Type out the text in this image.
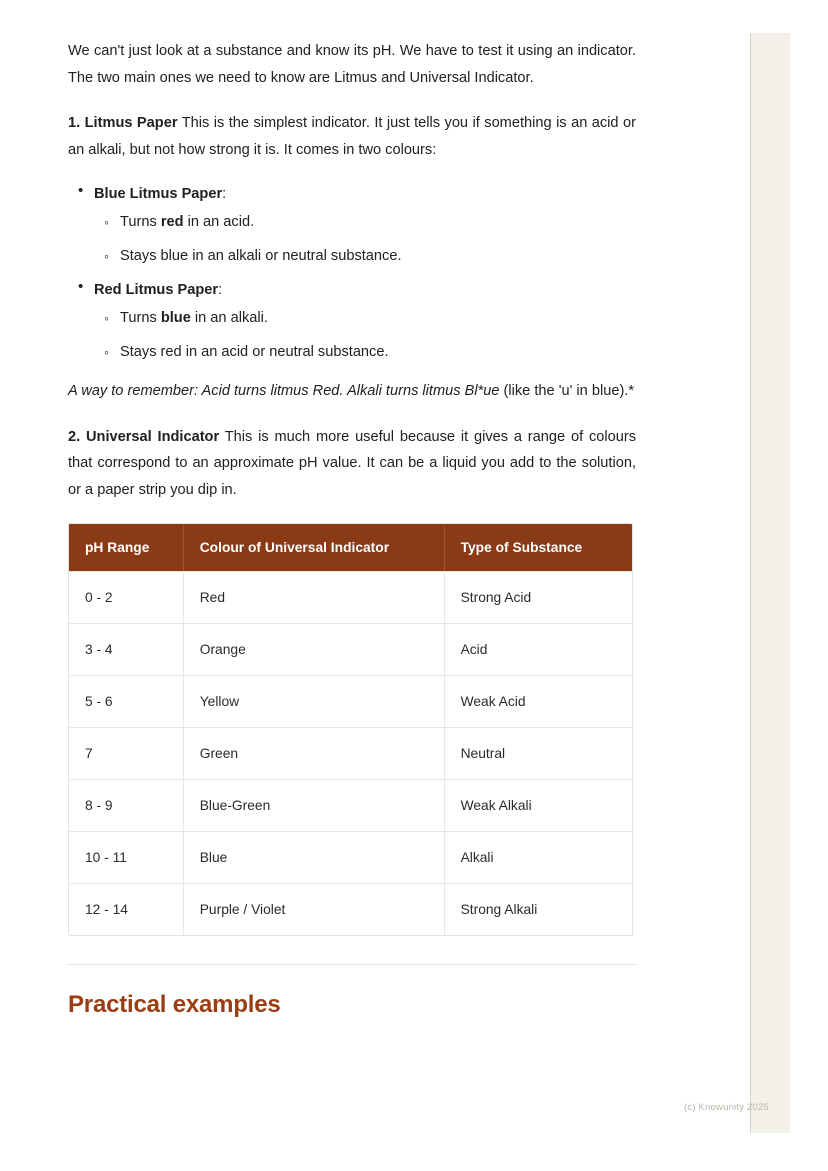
(c) Knowunity 2025

We can't just look at a substance and know its pH. We have to test it using an indicator. The two main ones we need to know are Litmus and Universal Indicator.

1. Litmus Paper This is the simplest indicator. It just tells you if something is an acid or an alkali, but not how strong it is. It comes in two colours:

• Blue Litmus Paper:
◦ Turns red in an acid.
◦ Stays blue in an alkali or neutral substance.
• Red Litmus Paper:
◦ Turns blue in an alkali.
◦ Stays red in an acid or neutral substance.

A way to remember: Acid turns litmus Red. Alkali turns litmus Bl*ue (like the 'u' in blue).*

2. Universal Indicator This is much more useful because it gives a range of colours that correspond to an approximate pH value. It can be a liquid you add to the solution, or a paper strip you dip in.

pH Range	Colour of Universal Indicator	Type of Substance
0 - 2	Red	Strong Acid
3 - 4	Orange	Acid
5 - 6	Yellow	Weak Acid
7	Green	Neutral
8 - 9	Blue-Green	Weak Alkali
10 - 11	Blue	Alkali
12 - 14	Purple / Violet	Strong Alkali
Practical examples
